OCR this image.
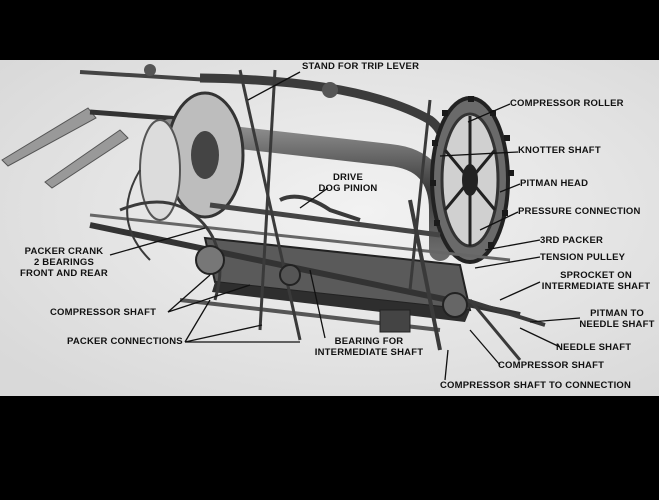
STAND FOR TRIP LEVER
COMPRESSOR ROLLER
KNOTTER SHAFT
PITMAN HEAD
DRIVE
DOG PINION
PRESSURE CONNECTION
3RD PACKER
TENSION PULLEY
SPROCKET ON
INTERMEDIATE SHAFT
PACKER CRANK
2 BEARINGS
FRONT AND REAR
PITMAN TO
NEEDLE SHAFT
COMPRESSOR SHAFT
NEEDLE SHAFT
PACKER CONNECTIONS	BEARING FOR
INTERMEDIATE SHAFT
COMPRESSOR SHAFT
COMPRESSOR SHAFT TO CONNECTION
